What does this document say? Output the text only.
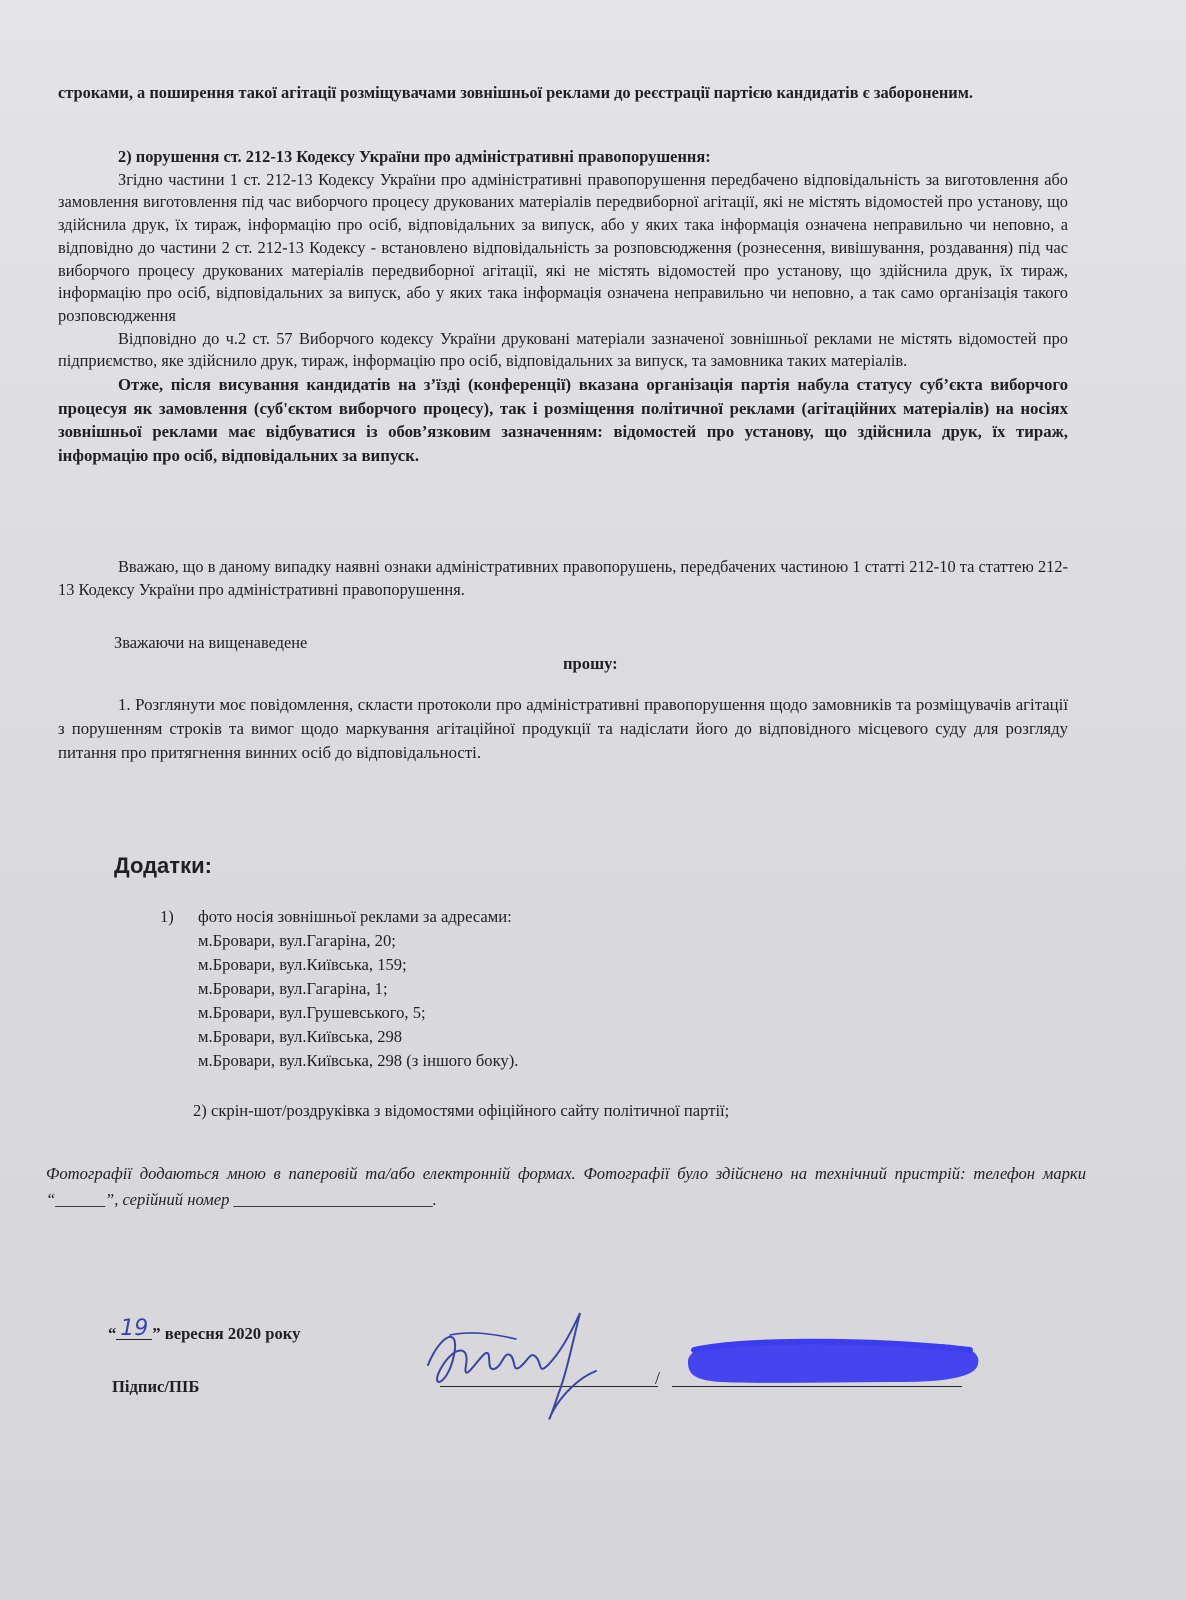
строками, а поширення такої агітації розміщувачами зовнішньої реклами до реєстрації партією кандидатів є забороненим.

2) порушення ст. 212-13 Кодексу України про адміністративні правопорушення:

Згідно частини 1 ст. 212-13 Кодексу України про адміністративні правопорушення передбачено відповідальність за виготовлення або замовлення виготовлення під час виборчого процесу друкованих матеріалів передвиборної агітації, які не містять відомостей про установу, що здійснила друк, їх тираж, інформацію про осіб, відповідальних за випуск, або у яких така інформація означена неправильно чи неповно, а відповідно до частини 2 ст. 212-13 Кодексу - встановлено відповідальність за розповсюдження (рознесення, вивішування, роздавання) під час виборчого процесу друкованих матеріалів передвиборної агітації, які не містять відомостей про установу, що здійснила друк, їх тираж, інформацію про осіб, відповідальних за випуск, або у яких така інформація означена неправильно чи неповно, а так само організація такого розповсюдження

Відповідно до ч.2 ст. 57 Виборчого кодексу України друковані матеріали зазначеної зовнішньої реклами не містять відомостей про підприємство, яке здійснило друк, тираж, інформацію про осіб, відповідальних за випуск, та замовника таких матеріалів.

Отже, після висування кандидатів на з’їзді (конференції) вказана організація партія набула статусу суб’єкта виборчого процесуя як замовлення (суб'єктом виборчого процесу), так і розміщення політичної реклами (агітаційних матеріалів) на носіях зовнішньої реклами має відбуватися із обов’язковим зазначенням: відомостей про установу, що здійснила друк, їх тираж, інформацію про осіб, відповідальних за випуск.

Вважаю, що в даному випадку наявні ознаки адміністративних правопорушень, передбачених частиною 1 статті 212-10 та статтею 212-13 Кодексу України про адміністративні правопорушення.
Зважаючи на вищенаведене
прошу:
1. Розглянути моє повідомлення, скласти протоколи про адміністративні правопорушення щодо замовників та розміщувачів агітації з порушенням строків та вимог щодо маркування агітаційної продукції та надіслати його до відповідного місцевого суду для розгляду питання про притягнення винних осіб до відповідальності.
Додатки:
1) фото носія зовнішньої реклами за адресами:
м.Бровари, вул.Гагаріна, 20;
м.Бровари, вул.Київська, 159;
м.Бровари, вул.Гагаріна, 1;
м.Бровари, вул.Грушевського, 5;
м.Бровари, вул.Київська, 298
м.Бровари, вул.Київська, 298 (з іншого боку).
2) скрін-шот/роздруківка з відомостями офіційного сайту політичної партії;
Фотографії додаються мною в паперовій та/або електронній формах. Фотографії було здійснено на технічний пристрій: телефон марки “______”, серійний номер ________________________.
“ 19 ” вересня 2020 року
Підпис/ПІБ	/
